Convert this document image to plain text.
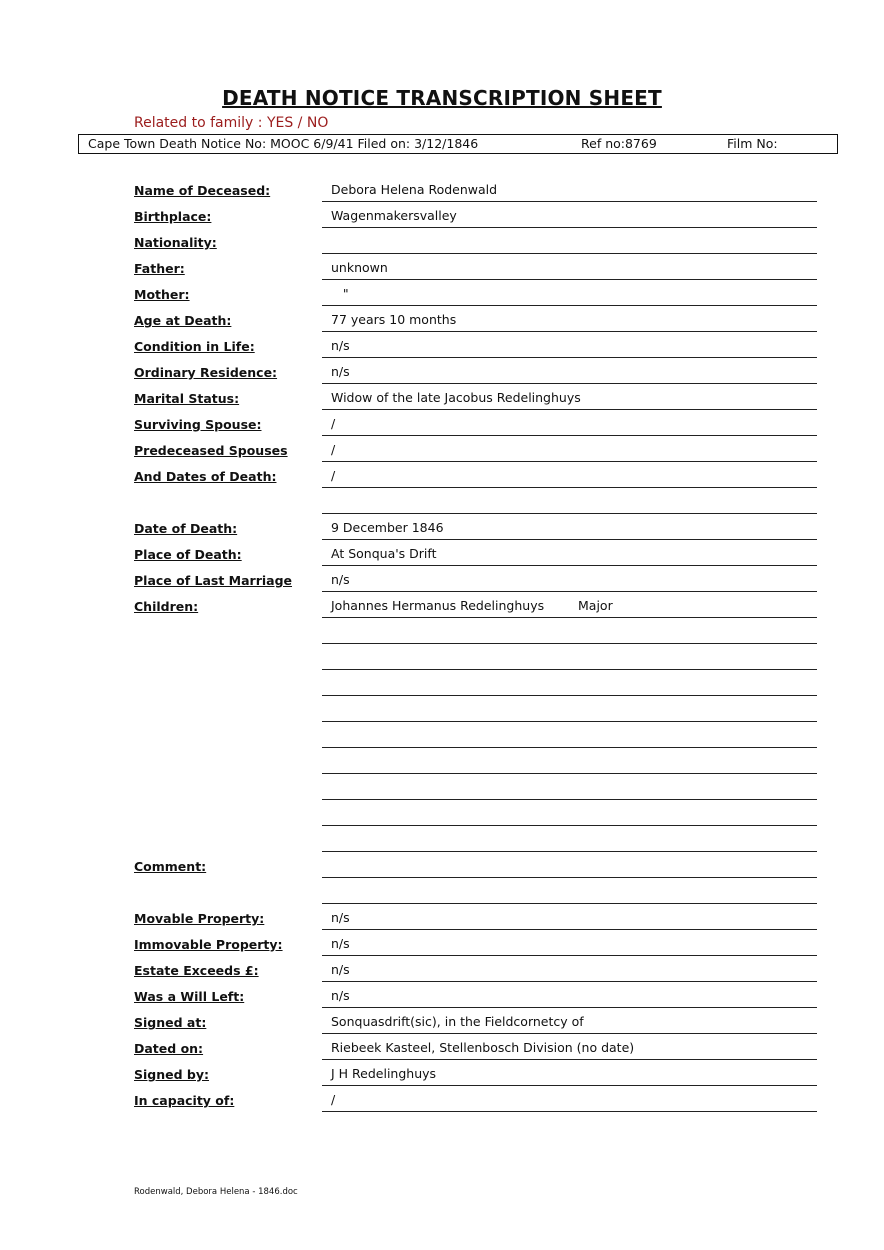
DEATH NOTICE TRANSCRIPTION SHEET
Related to family : YES / NO
Cape Town Death Notice No: MOOC 6/9/41 Filed on: 3/12/1846	Ref no:8769	Film No:
Name of Deceased:	Debora Helena Rodenwald
Birthplace:	Wagenmakersvalley
Nationality:
Father:	unknown
Mother:	"
Age at Death:	77 years 10 months
Condition in Life:	n/s
Ordinary Residence:	n/s
Marital Status:	Widow of the late Jacobus Redelinghuys
Surviving Spouse:	/
Predeceased Spouses	/
And Dates of Death:	/
Date of Death:	9 December 1846
Place of Death:	At Sonqua's Drift
Place of Last Marriage	n/s
Children:	Johannes Hermanus Redelinghuys	Major
Comment:
Movable Property:	n/s
Immovable Property:	n/s
Estate Exceeds £:	n/s
Was a Will Left:	n/s
Signed at:	Sonquasdrift(sic), in the Fieldcornetcy of
Dated on:	Riebeek Kasteel, Stellenbosch Division (no date)
Signed by:	J H Redelinghuys
In capacity of:	/
Rodenwald, Debora Helena - 1846.doc
